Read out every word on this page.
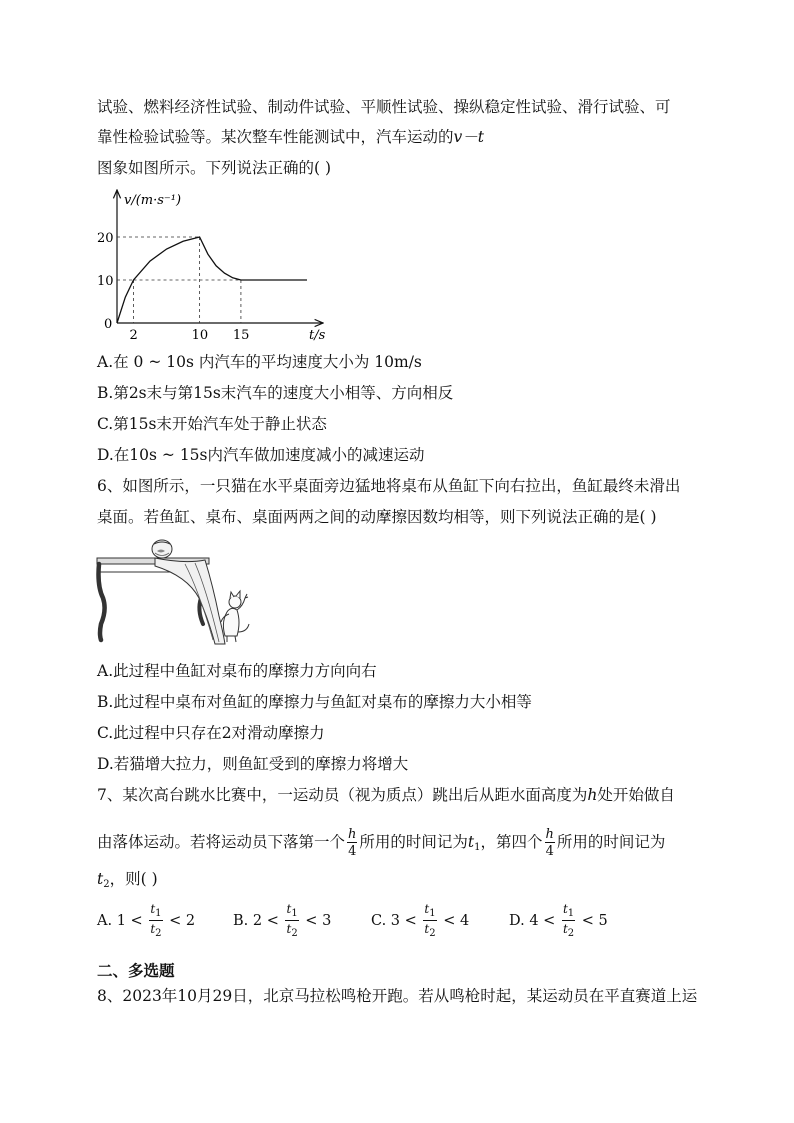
试验、燃料经济性试验、制动件试验、平顺性试验、操纵稳定性试验、滑行试验、可
靠性检验试验等。某次整车性能测试中，汽车运动的v－t
图象如图所示。下列说法正确的( )
10
20
2	10 15
v/(m·s⁻¹)
t/s
0
A.在 0 ~ 10s 内汽车的平均速度大小为 10m/s
B.第2s末与第15s末汽车的速度大小相等、方向相反
C.第15s末开始汽车处于静止状态
D.在10s ~ 15s内汽车做加速度减小的减速运动
6、如图所示，一只猫在水平桌面旁边猛地将桌布从鱼缸下向右拉出，鱼缸最终未滑出
桌面。若鱼缸、桌布、桌面两两之间的动摩擦因数均相等，则下列说法正确的是( )
A.此过程中鱼缸对桌布的摩擦力方向向右
B.此过程中桌布对鱼缸的摩擦力与鱼缸对桌布的摩擦力大小相等
C.此过程中只存在2对滑动摩擦力
D.若猫增大拉力，则鱼缸受到的摩擦力将增大
7、某次高台跳水比赛中，一运动员（视为质点）跳出后从距水面高度为h处开始做自
由落体运动。若将运动员下落第一个 $\frac{h}{4}$ 所用的时间记为$t_1$，第四个 $\frac{h}{4}$ 所用的时间记为
$t_2$，则( )
A. $1 < \frac{t_1}{t_2} < 2$	B. $2 < \frac{t_1}{t_2} < 3$	C. $3 < \frac{t_1}{t_2} < 4$	D. $4 < \frac{t_1}{t_2} < 5$
二、多选题
8、2023年10月29日，北京马拉松鸣枪开跑。若从鸣枪时起，某运动员在平直赛道上运
